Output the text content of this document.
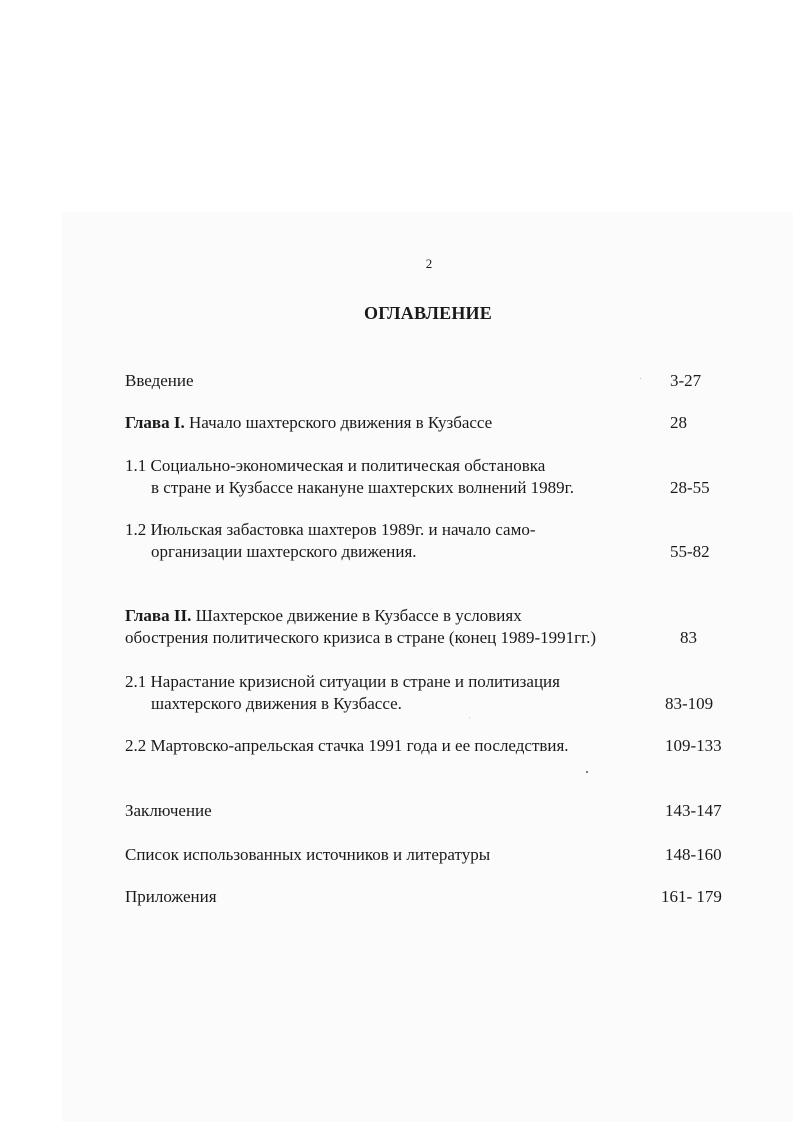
2
ОГЛАВЛЕНИЕ
Введение	3-27
Глава I. Начало шахтерского движения в Кузбассе	28
1.1 Социально-экономическая и политическая обстановка
в стране и Кузбассе накануне шахтерских волнений 1989г.	28-55
1.2 Июльская забастовка шахтеров 1989г. и начало само-
организации шахтерского движения.	55-82
Глава II. Шахтерское движение в Кузбассе в условиях
обострения политического кризиса в стране (конец 1989-1991гг.)	83
2.1 Нарастание кризисной ситуации в стране и политизация
шахтерского движения в Кузбассе.	83-109
2.2 Мартовско-апрельская стачка 1991 года и ее последствия.	109-133
Заключение	143-147
Список использованных источников и литературы	148-160
Приложения	161- 179
